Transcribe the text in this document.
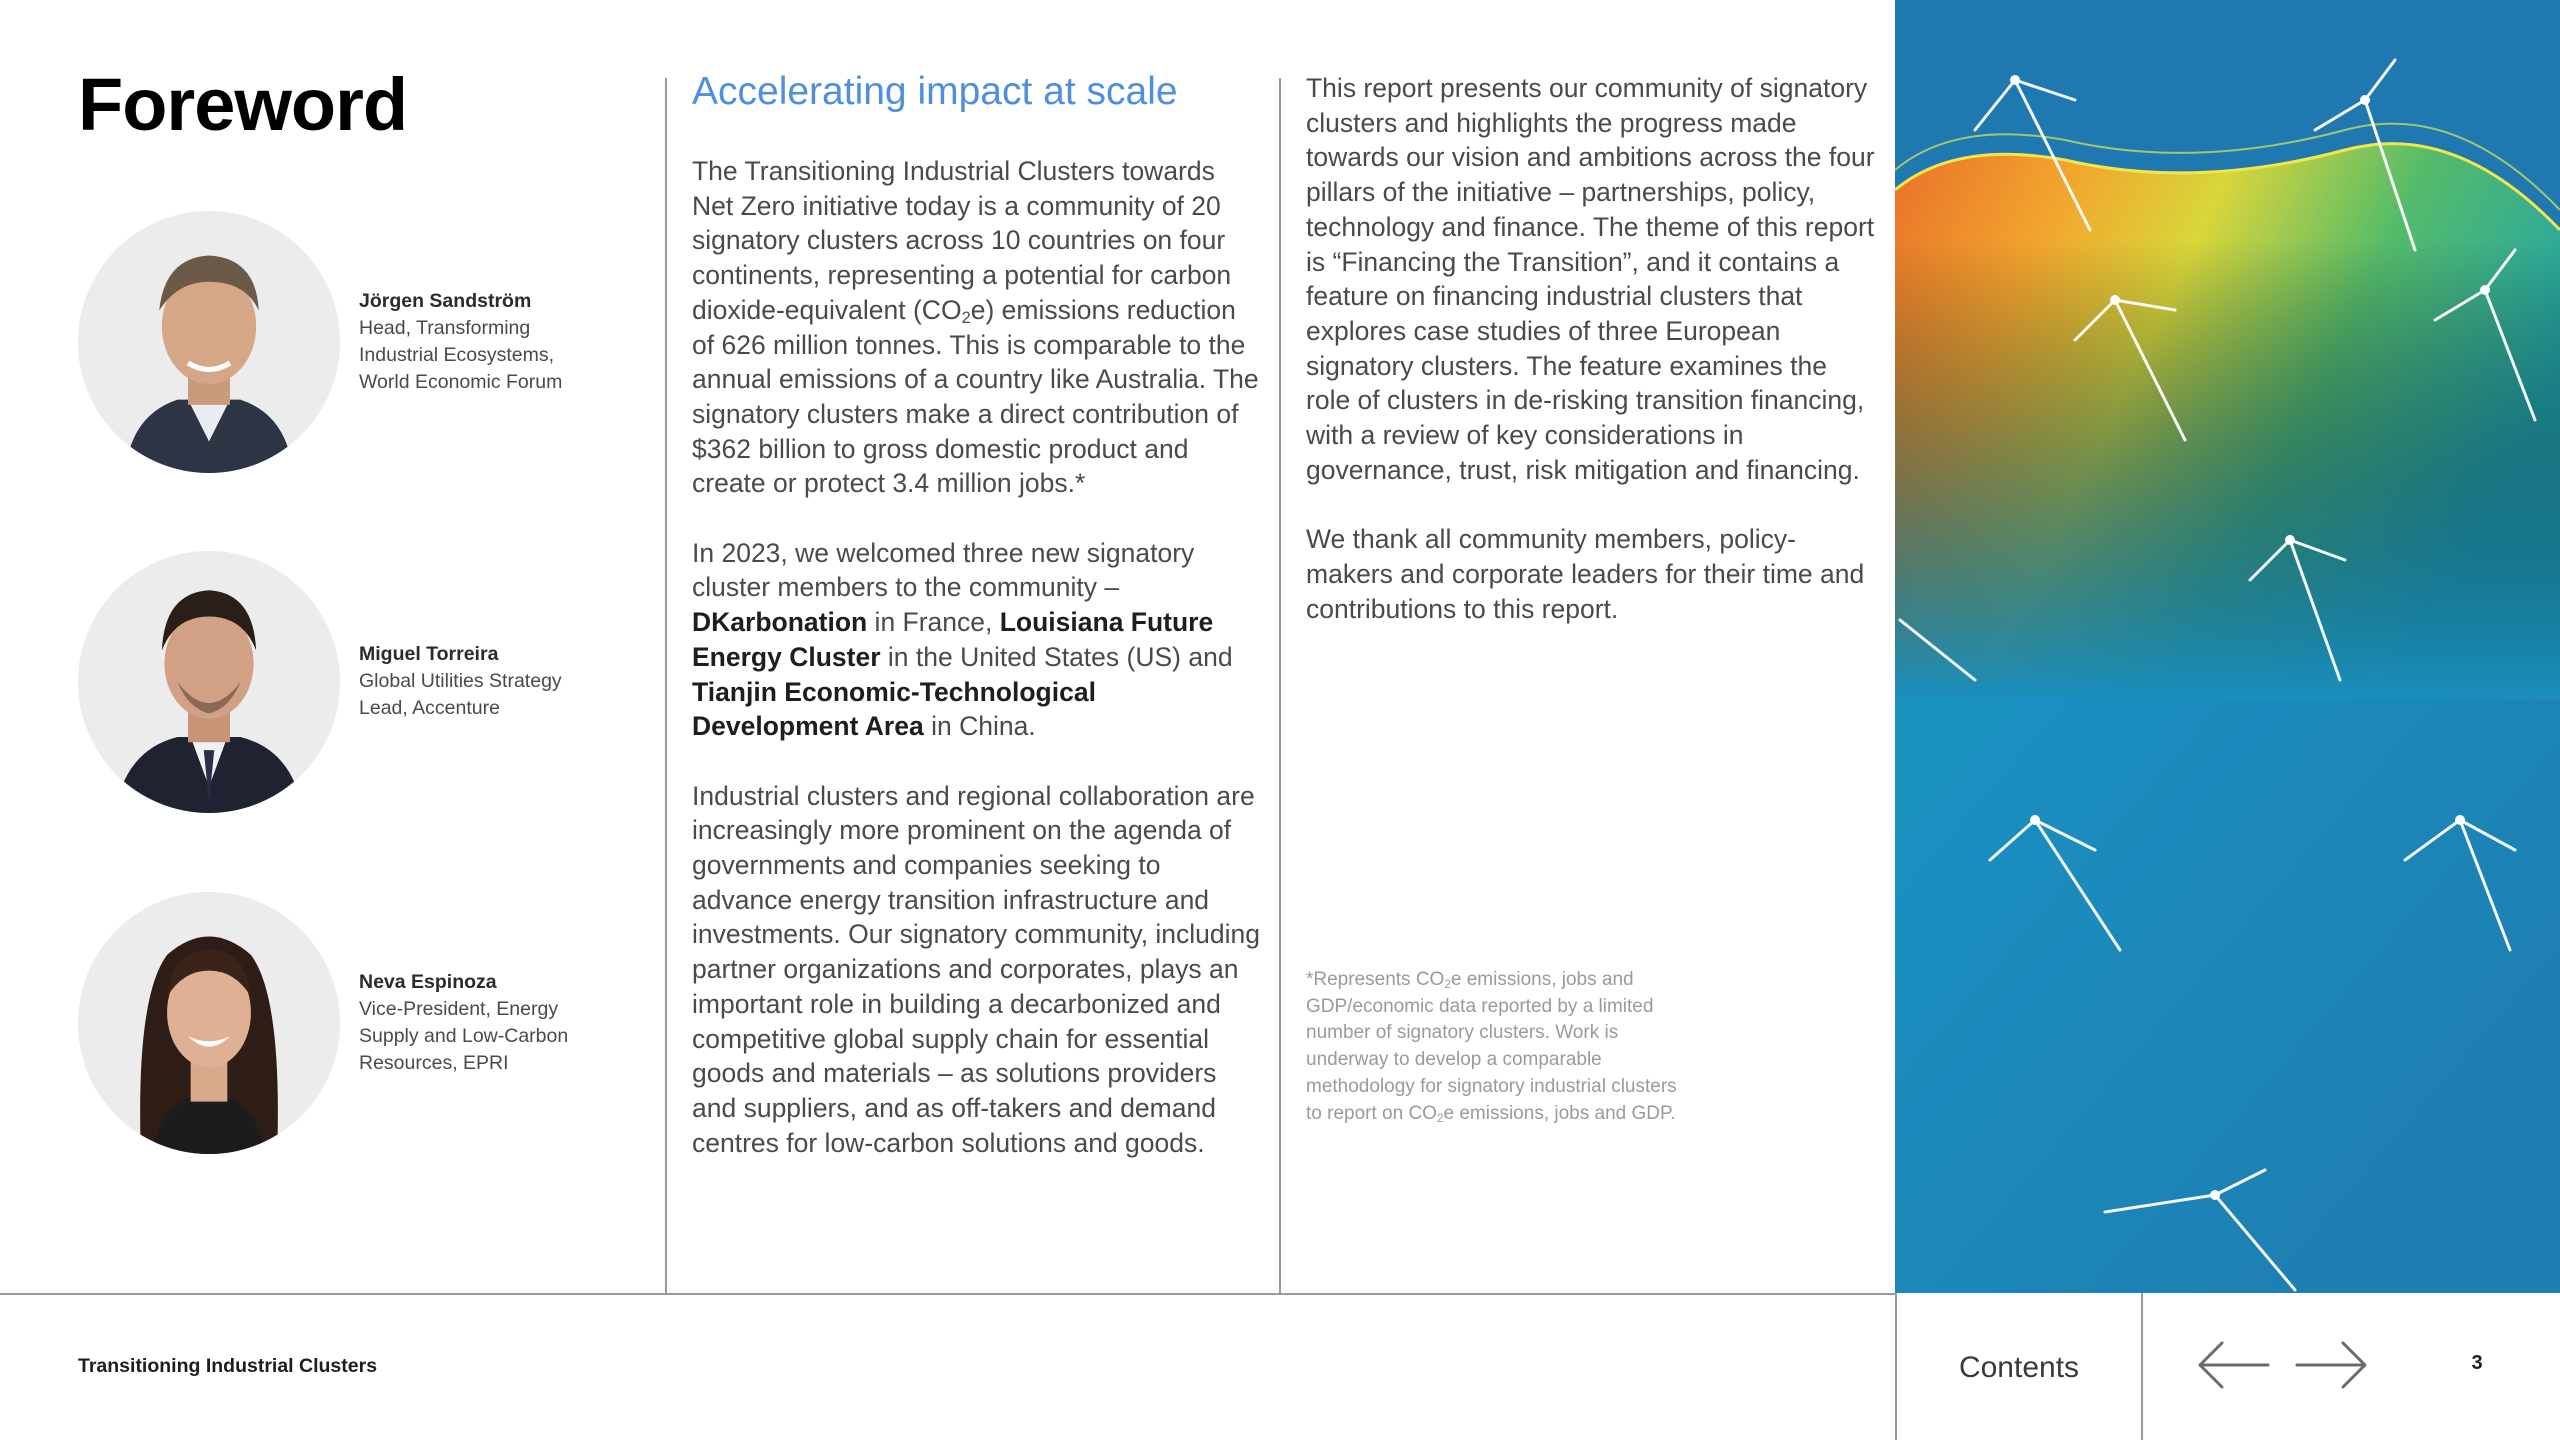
Foreword
Jörgen Sandström
Head, Transforming
Industrial Ecosystems,
World Economic Forum
Miguel Torreira
Global Utilities Strategy
Lead, Accenture
Neva Espinoza
Vice-President, Energy
Supply and Low-Carbon
Resources, EPRI
Accelerating impact at scale

The Transitioning Industrial Clusters towards Net Zero initiative today is a community of 20 signatory clusters across 10 countries on four continents, representing a potential for carbon dioxide-equivalent $(CO_2e)$ emissions reduction of 626 million tonnes. This is comparable to the annual emissions of a country like Australia. The signatory clusters make a direct contribution of $362 billion to gross domestic product and create or protect 3.4 million jobs.*

In 2023, we welcomed three new signatory cluster members to the community – DKarbonation in France, Louisiana Future Energy Cluster in the United States (US) and Tianjin Economic-Technological Development Area in China.

Industrial clusters and regional collaboration are increasingly more prominent on the agenda of governments and companies seeking to advance energy transition infrastructure and investments. Our signatory community, including partner organizations and corporates, plays an important role in building a decarbonized and competitive global supply chain for essential goods and materials – as solutions providers and suppliers, and as off-takers and demand centres for low-carbon solutions and goods.

This report presents our community of signatory clusters and highlights the progress made towards our vision and ambitions across the four pillars of the initiative – partnerships, policy, technology and finance. The theme of this report is “Financing the Transition”, and it contains a feature on financing industrial clusters that explores case studies of three European signatory clusters. The feature examines the role of clusters in de-risking transition financing, with a review of key considerations in governance, trust, risk mitigation and financing.

We thank all community members, policy-makers and corporate leaders for their time and contributions to this report.

*Represents $CO_2e$ emissions, jobs and GDP/economic data reported by a limited number of signatory clusters. Work is underway to develop a comparable methodology for signatory industrial clusters to report on $CO_2e$ emissions, jobs and GDP.
Transitioning Industrial Clusters	Contents	3
